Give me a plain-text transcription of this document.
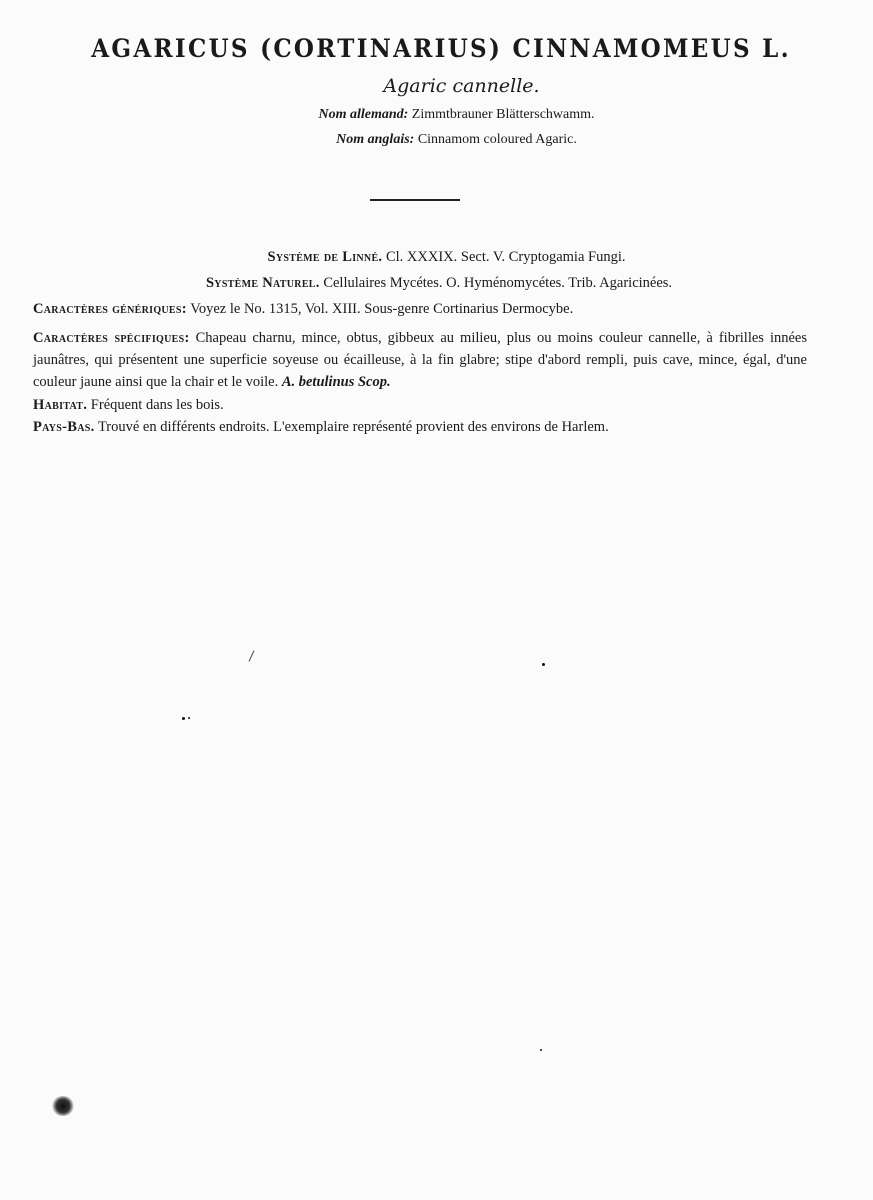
AGARICUS (CORTINARIUS) CINNAMOMEUS L.
Agaric cannelle.
Nom allemand: Zimmtbrauner Blätterschwamm.
Nom anglais: Cinnamom coloured Agaric.
Système de Linné. Cl. XXXIX. Sect. V. Cryptogamia Fungi.
Système Naturel. Cellulaires Mycétes. O. Hyménomycétes. Trib. Agaricinées.
Caractères génériques: Voyez le No. 1315, Vol. XIII. Sous-genre Cortinarius Dermocybe.
Caractères spécifiques: Chapeau charnu, mince, obtus, gibbeux au milieu, plus ou moins couleur cannelle, à fibrilles innées jaunâtres, qui présentent une superficie soyeuse ou écailleuse, à la fin glabre; stipe d'abord rempli, puis cave, mince, égal, d'une couleur jaune ainsi que la chair et le voile. A. betulinus Scop.
Habitat. Fréquent dans les bois.
Pays-Bas. Trouvé en différents endroits. L'exemplaire représenté provient des environs de Harlem.
